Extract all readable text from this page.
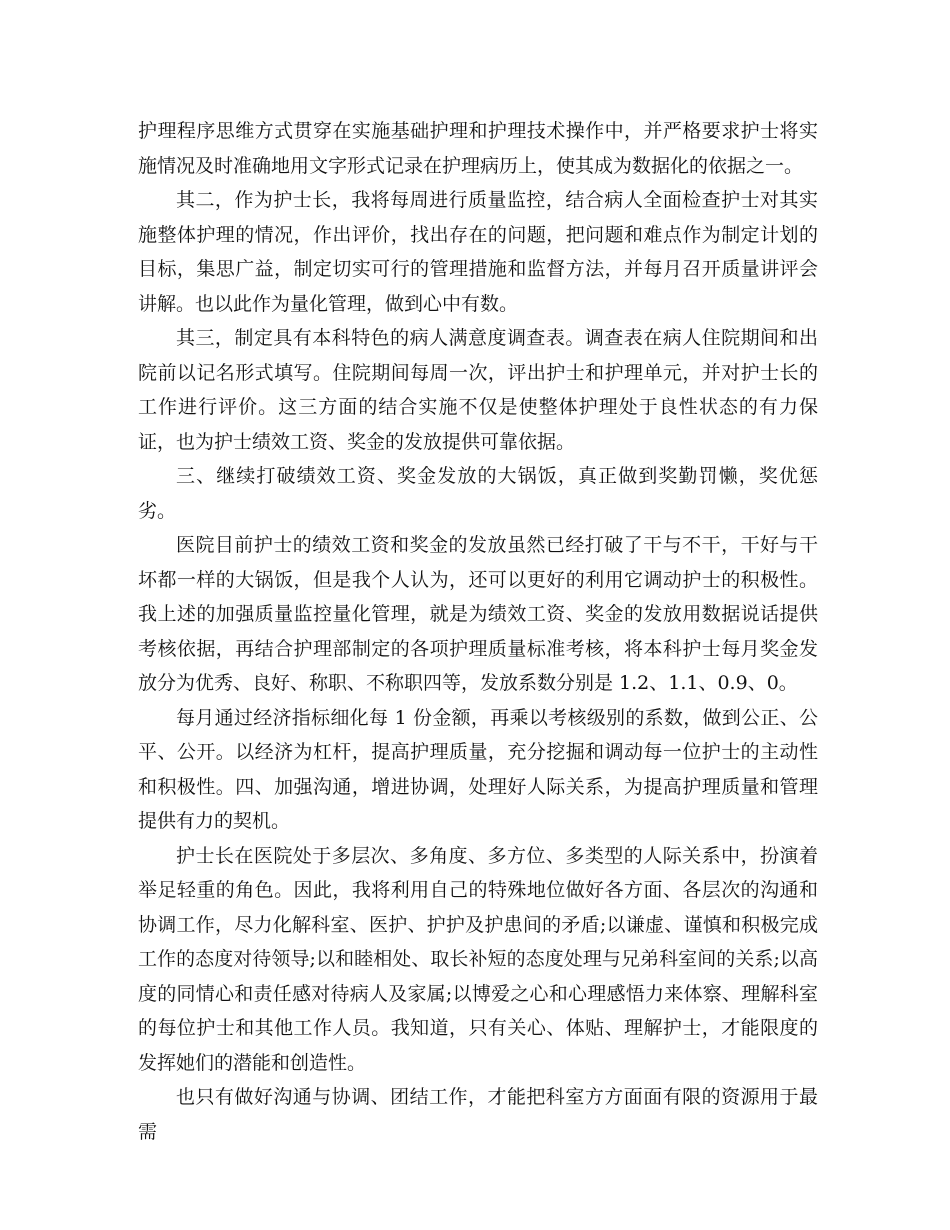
护理程序思维方式贯穿在实施基础护理和护理技术操作中，并严格要求护士将实施情况及时准确地用文字形式记录在护理病历上，使其成为数据化的依据之一。

其二，作为护士长，我将每周进行质量监控，结合病人全面检查护士对其实施整体护理的情况，作出评价，找出存在的问题，把问题和难点作为制定计划的目标，集思广益，制定切实可行的管理措施和监督方法，并每月召开质量讲评会讲解。也以此作为量化管理，做到心中有数。

其三，制定具有本科特色的病人满意度调查表。调查表在病人住院期间和出院前以记名形式填写。住院期间每周一次，评出护士和护理单元，并对护士长的工作进行评价。这三方面的结合实施不仅是使整体护理处于良性状态的有力保证，也为护士绩效工资、奖金的发放提供可靠依据。

三、继续打破绩效工资、奖金发放的大锅饭，真正做到奖勤罚懒，奖优惩劣。

医院目前护士的绩效工资和奖金的发放虽然已经打破了干与不干，干好与干坏都一样的大锅饭，但是我个人认为，还可以更好的利用它调动护士的积极性。我上述的加强质量监控量化管理，就是为绩效工资、奖金的发放用数据说话提供考核依据，再结合护理部制定的各项护理质量标准考核，将本科护士每月奖金发放分为优秀、良好、称职、不称职四等，发放系数分别是 1.2、1.1、0.9、0。

每月通过经济指标细化每 1 份金额，再乘以考核级别的系数，做到公正、公平、公开。以经济为杠杆，提高护理质量，充分挖掘和调动每一位护士的主动性和积极性。四、加强沟通，增进协调，处理好人际关系，为提高护理质量和管理提供有力的契机。

护士长在医院处于多层次、多角度、多方位、多类型的人际关系中，扮演着举足轻重的角色。因此，我将利用自己的特殊地位做好各方面、各层次的沟通和协调工作，尽力化解科室、医护、护护及护患间的矛盾;以谦虚、谨慎和积极完成工作的态度对待领导;以和睦相处、取长补短的态度处理与兄弟科室间的关系;以高度的同情心和责任感对待病人及家属;以博爱之心和心理感悟力来体察、理解科室的每位护士和其他工作人员。我知道，只有关心、体贴、理解护士，才能限度的发挥她们的潜能和创造性。

也只有做好沟通与协调、团结工作，才能把科室方方面面有限的资源用于最需
